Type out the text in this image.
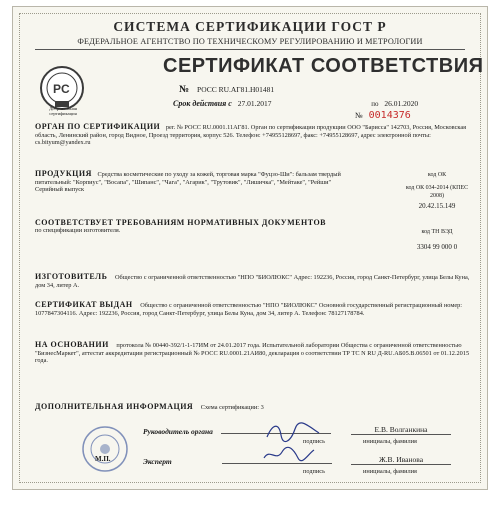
СИСТЕМА СЕРТИФИКАЦИИ ГОСТ Р
ФЕДЕРАЛЬНОЕ АГЕНТСТВО ПО ТЕХНИЧЕСКОМУ РЕГУЛИРОВАНИЮ И МЕТРОЛОГИИ
PC
Добровольная сертификация
СЕРТИФИКАТ СООТВЕТСТВИЯ
№ РОСС RU.АГ81.Н01481
Срок действия с 27.01.2017	по 26.01.2020
№ 0014376
ОРГАН ПО СЕРТИФИКАЦИИ рег. № РОСС RU.0001.11АГ81. Орган по сертификации продукции ООО "Барисса" 142703, Россия, Московская область, Ленинский район, город Видное, Проезд территория, корпус 526. Телефон: +74955128697, факс: +74955128697, адрес электронной почты: cs.bityum@yandex.ru
ПРОДУКЦИЯ Средства косметические по уходу за кожей, торговая марка "Фуцзо-Ши": бальзам твердый питательный: "Корпиус", "Восапа", "Шипанс", "Чага", "Агарик", "Трутовик", "Лишичка", "Мейтаке", "Рейши"
Серийный выпуск
код ОК
код ОК 034-2014 (КПЕС 2008)
20.42.15.149
СООТВЕТСТВУЕТ ТРЕБОВАНИЯМ НОРМАТИВНЫХ ДОКУМЕНТОВ
по спецификации изготовителя.	код ТН ВЭД
3304 99 000 0
ИЗГОТОВИТЕЛЬ Общество с ограниченной ответственностью "НПО "БИОЛЮКС" Адрес: 192236, Россия, город Санкт-Петербург, улица Белы Куна, дом 34, литер А.
СЕРТИФИКАТ ВЫДАН Общество с ограниченной ответственностью "НПО "БИОЛЮКС" Основной государственный регистрационный номер: 1077847304116. Адрес: 192236, Россия, город Санкт-Петербург, улица Белы Куна, дом 34, литер А. Телефон: 78127178784.
НА ОСНОВАНИИ протокола № 00440-392/1-1-17ИМ от 24.01.2017 года. Испытательной лаборатории Общества с ограниченной ответственностью "БизнесМаркет", аттестат аккредитации регистрационный № РОСС RU.0001.21АИ80, декларация о соответствии ТР ТС N RU Д-RU.АБ05.В.06501 от 01.12.2015 года.
ДОПОЛНИТЕЛЬНАЯ ИНФОРМАЦИЯ Схема сертификации: 3
М.П.
Руководитель органа
подпись
Е.В. Волганкина
инициалы, фамилия
Эксперт
подпись
Ж.В. Иванова
инициалы, фамилия
